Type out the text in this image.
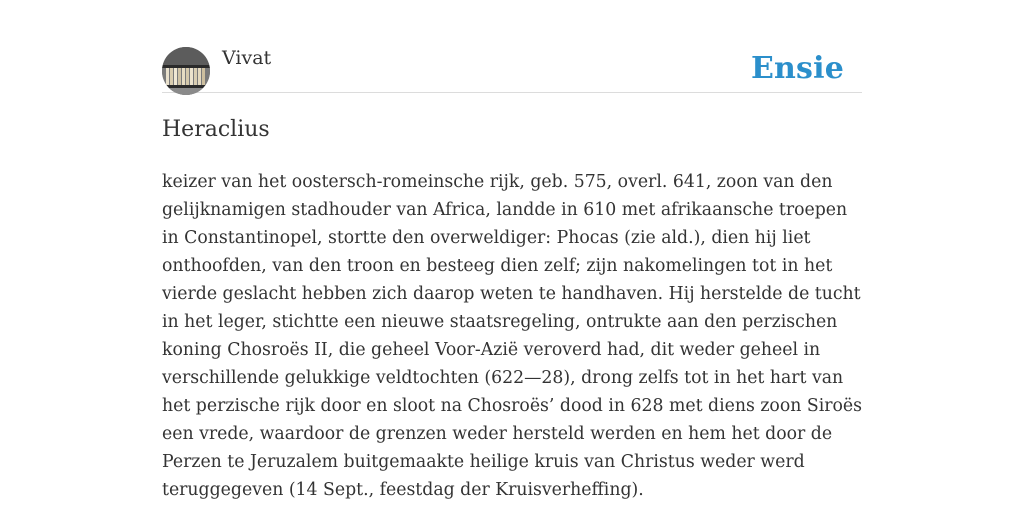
Vivat	Ensie
Heraclius

keizer van het oostersch-romeinsche rijk, geb. 575, overl. 641, zoon van den gelijknamigen stadhouder van Africa, landde in 610 met afrikaansche troepen in Constantinopel, stortte den overweldiger: Phocas (zie ald.), dien hij liet onthoofden, van den troon en besteeg dien zelf; zijn nakomelingen tot in het vierde geslacht hebben zich daarop weten te handhaven. Hij herstelde de tucht in het leger, stichtte een nieuwe staatsregeling, ontrukte aan den perzischen koning Chosroës II, die geheel Voor-Azië veroverd had, dit weder geheel in verschillende gelukkige veldtochten (622—28), drong zelfs tot in het hart van het perzische rijk door en sloot na Chosroës’ dood in 628 met diens zoon Siroës een vrede, waardoor de grenzen weder hersteld werden en hem het door de Perzen te Jeruzalem buitgemaakte heilige kruis van Christus weder werd teruggegeven (14 Sept., feestdag der Kruisverheffing).
